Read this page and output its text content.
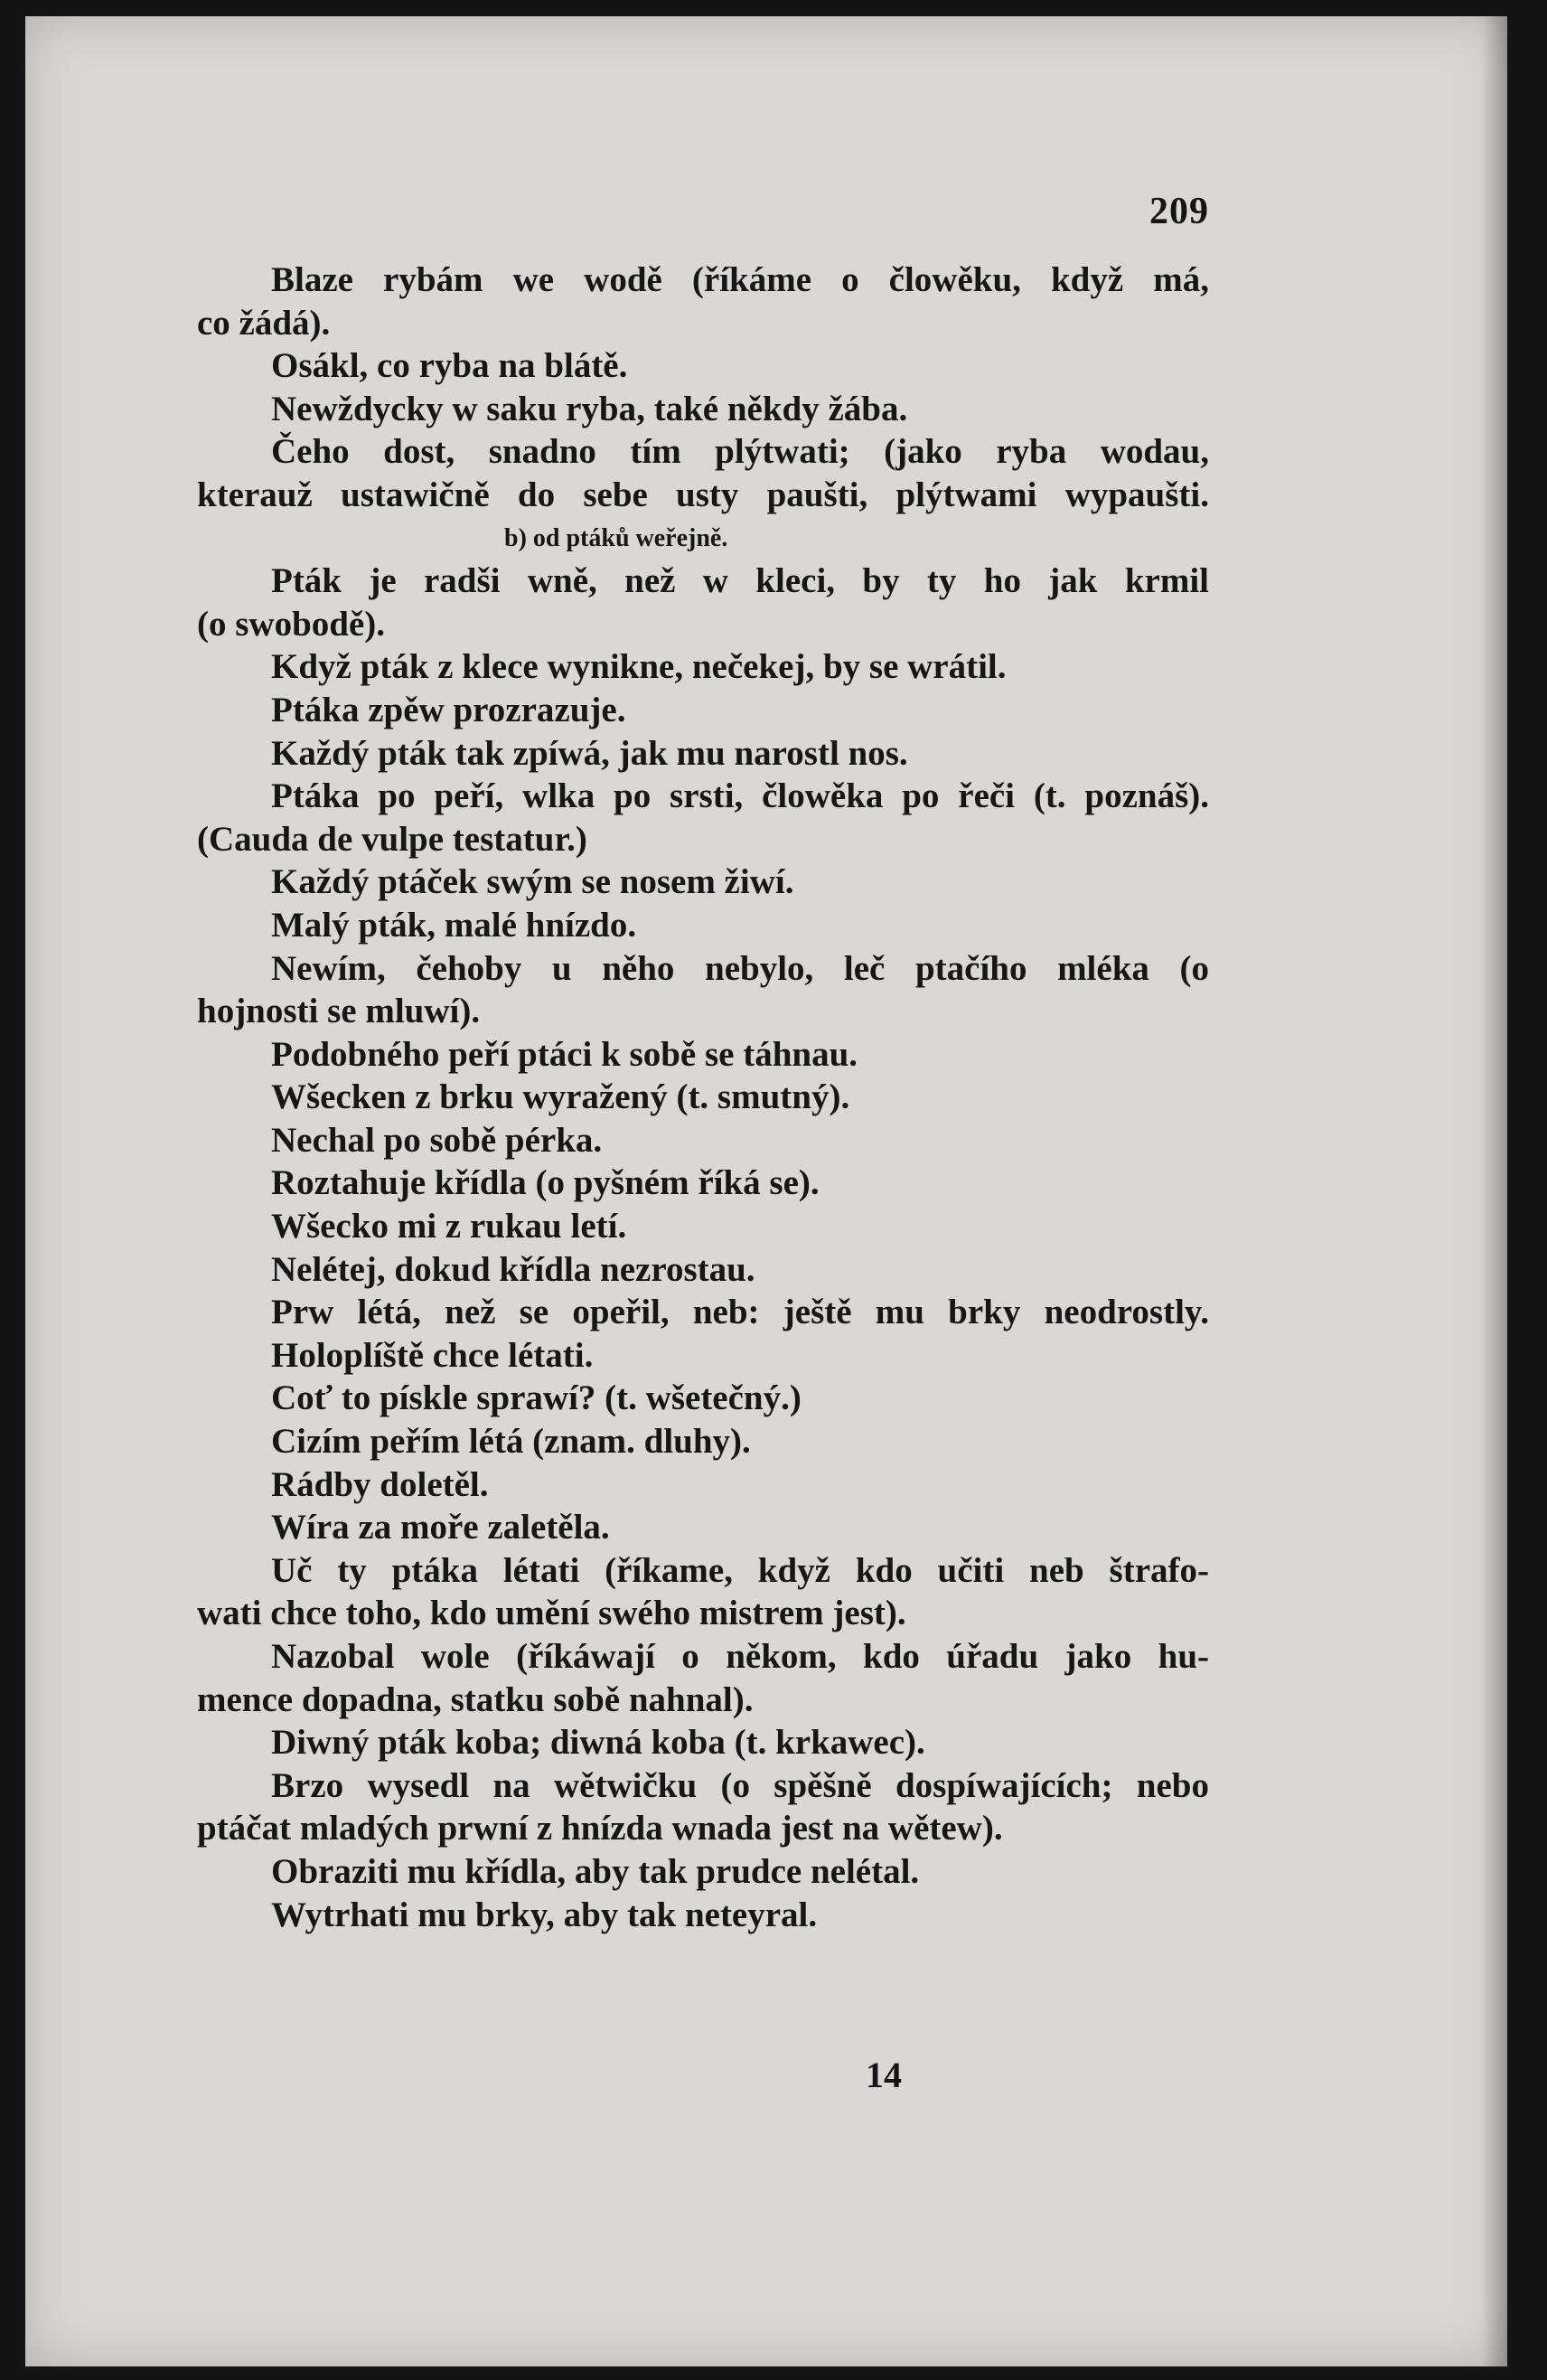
209
Blaze rybám we wodě (říkáme o člowěku, když má,
co žádá).
Osákl, co ryba na blátě.
Newždycky w saku ryba, také někdy žába.
Čeho dost, snadno tím plýtwati; (jako ryba wodau,
kterauž ustawičně do sebe usty paušti, plýtwami wypaušti.
b) od ptáků weřejně.
Pták je radši wně, než w kleci, by ty ho jak krmil
(o swobodě).
Když pták z klece wynikne, nečekej, by se wrátil.
Ptáka zpěw prozrazuje.
Každý pták tak zpíwá, jak mu narostl nos.
Ptáka po peří, wlka po srsti, člowěka po řeči (t. poznáš).
(Cauda de vulpe testatur.)
Každý ptáček swým se nosem žiwí.
Malý pták, malé hnízdo.
Newím, čehoby u něho nebylo, leč ptačího mléka (o
hojnosti se mluwí).
Podobného peří ptáci k sobě se táhnau.
Wšecken z brku wyražený (t. smutný).
Nechal po sobě pérka.
Roztahuje křídla (o pyšném říká se).
Wšecko mi z rukau letí.
Nelétej, dokud křídla nezrostau.
Prw létá, než se opeřil, neb: ještě mu brky neodrostly.
Holoplíště chce létati.
Coť to pískle sprawí? (t. wšetečný.)
Cizím peřím létá (znam. dluhy).
Rádby doletěl.
Wíra za moře zaletěla.
Uč ty ptáka létati (říkame, když kdo učiti neb štrafo-
wati chce toho, kdo umění swého mistrem jest).
Nazobal wole (říkáwají o někom, kdo úřadu jako hu-
mence dopadna, statku sobě nahnal).
Diwný pták koba; diwná koba (t. krkawec).
Brzo wysedl na wětwičku (o spěšně dospíwajících; nebo
ptáčat mladých prwní z hnízda wnada jest na wětew).
Obraziti mu křídla, aby tak prudce nelétal.
Wytrhati mu brky, aby tak neteyral.
14
